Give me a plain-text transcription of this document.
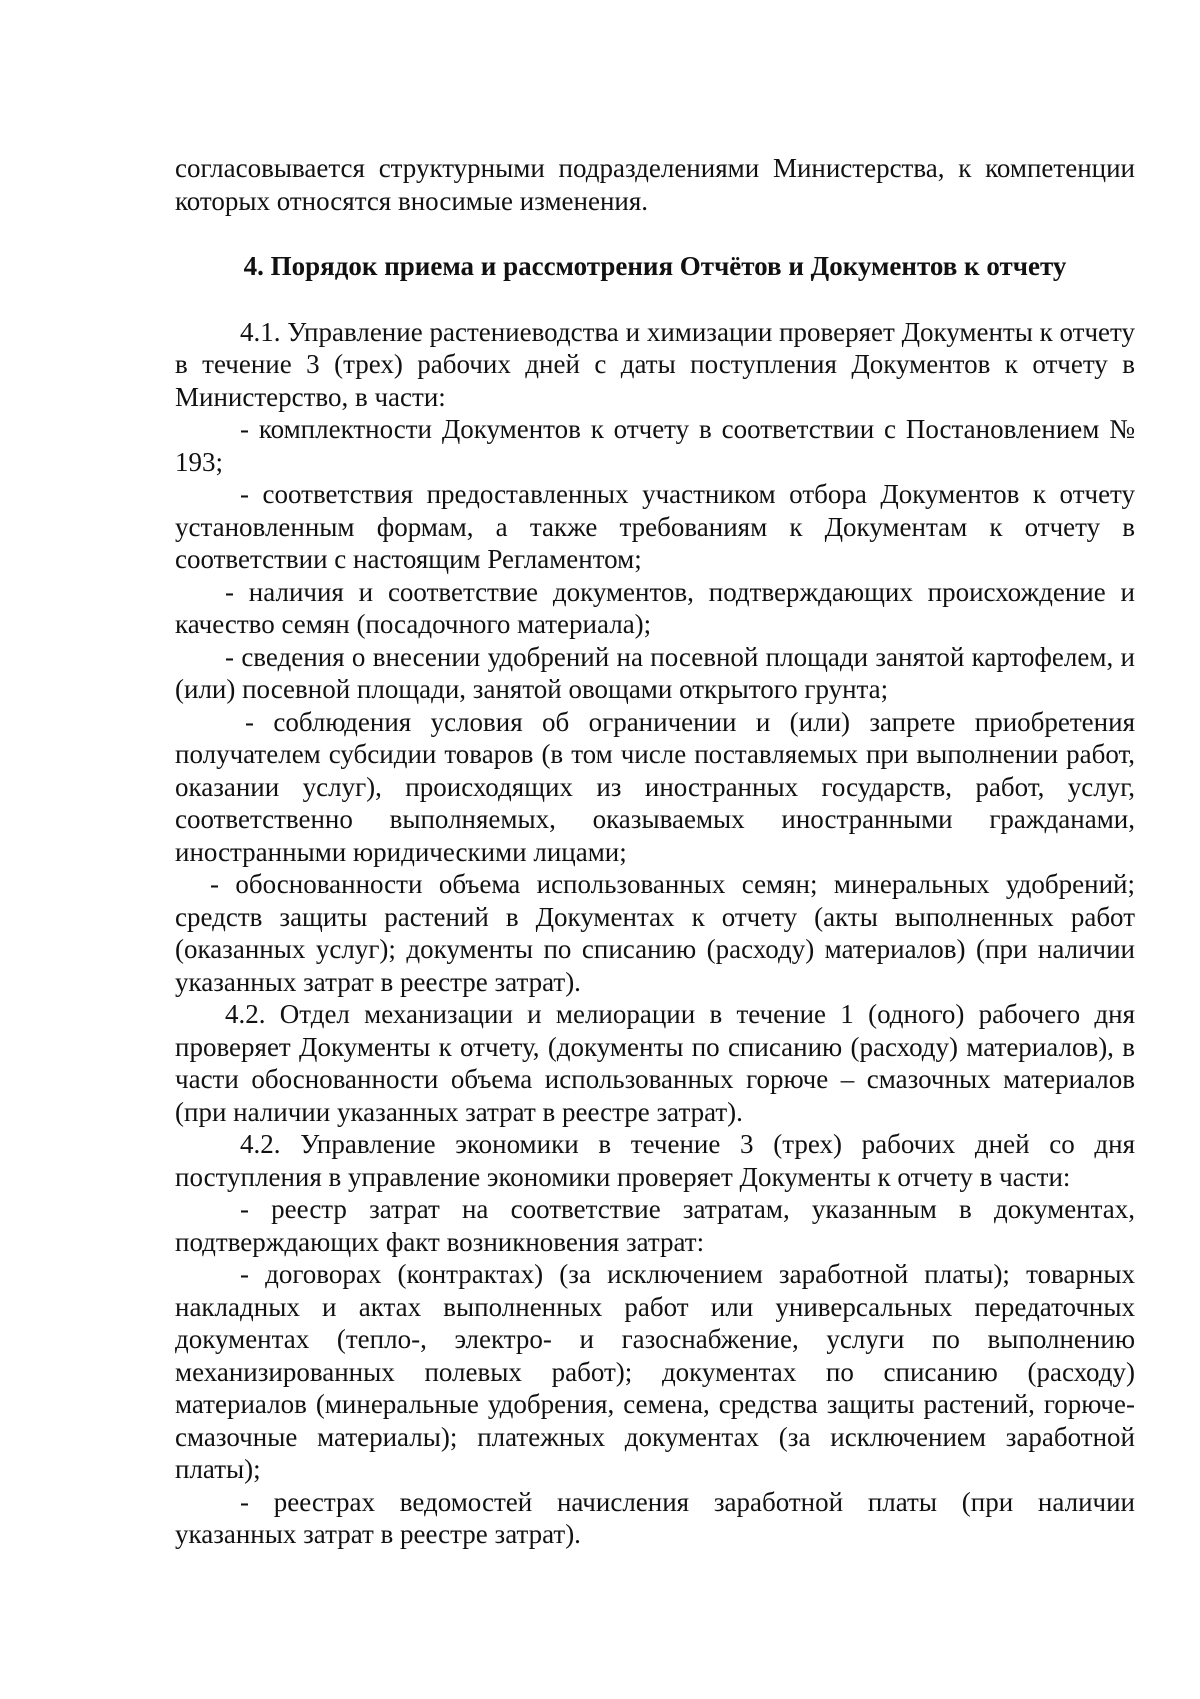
согласовывается структурными подразделениями Министерства, к компетенции которых относятся вносимые изменения.

4. Порядок приема и рассмотрения Отчётов и Документов к отчету

4.1. Управление растениеводства и химизации проверяет Документы к отчету в течение 3 (трех) рабочих дней с даты поступления Документов к отчету в Министерство, в части:

- комплектности Документов к отчету в соответствии с Постановлением № 193;

- соответствия предоставленных участником отбора Документов к отчету установленным формам, а также требованиям к Документам к отчету в соответствии с настоящим Регламентом;

- наличия и соответствие документов, подтверждающих происхождение и качество семян (посадочного материала);

- сведения о внесении удобрений на посевной площади занятой картофелем, и (или) посевной площади, занятой овощами открытого грунта;

- соблюдения условия об ограничении и (или) запрете приобретения получателем субсидии товаров (в том числе поставляемых при выполнении работ, оказании услуг), происходящих из иностранных государств, работ, услуг, соответственно выполняемых, оказываемых иностранными гражданами, иностранными юридическими лицами;

- обоснованности объема использованных семян; минеральных удобрений; средств защиты растений в Документах к отчету (акты выполненных работ (оказанных услуг); документы по списанию (расходу) материалов) (при наличии указанных затрат в реестре затрат).

4.2. Отдел механизации и мелиорации в течение 1 (одного) рабочего дня проверяет Документы к отчету, (документы по списанию (расходу) материалов), в части обоснованности объема использованных горюче – смазочных материалов (при наличии указанных затрат в реестре затрат).

4.2. Управление экономики в течение 3 (трех) рабочих дней со дня поступления в управление экономики проверяет Документы к отчету в части:

- реестр затрат на соответствие затратам, указанным в документах, подтверждающих факт возникновения затрат:

- договорах (контрактах) (за исключением заработной платы); товарных накладных и актах выполненных работ или универсальных передаточных документах (тепло-, электро- и газоснабжение, услуги по выполнению механизированных полевых работ); документах по списанию (расходу) материалов (минеральные удобрения, семена, средства защиты растений, горюче-смазочные материалы); платежных документах (за исключением заработной платы);

- реестрах ведомостей начисления заработной платы (при наличии указанных затрат в реестре затрат).
